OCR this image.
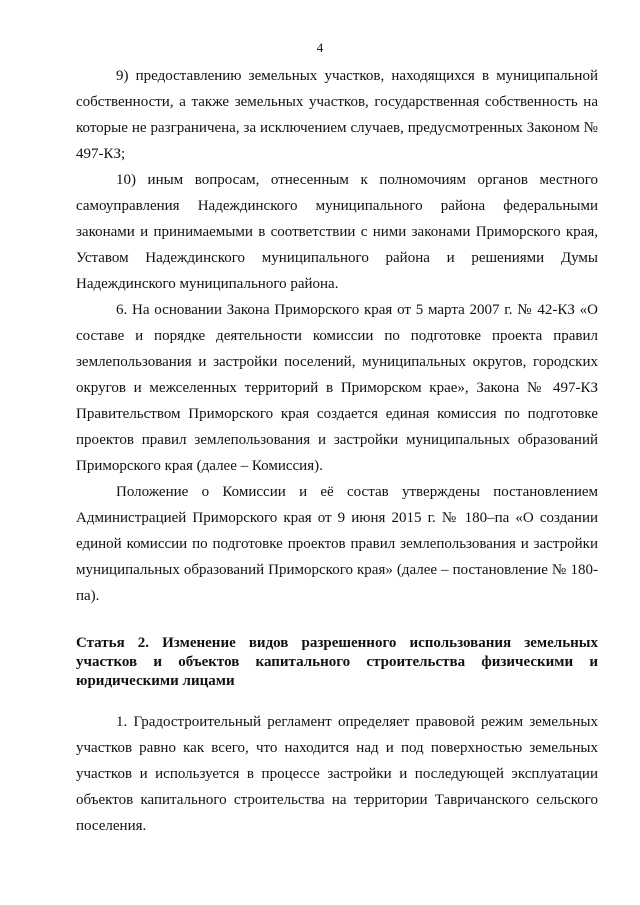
4

9) предоставлению земельных участков, находящихся в муниципальной собственности, а также земельных участков, государственная собственность на которые не разграничена, за исключением случаев, предусмотренных Законом № 497-КЗ;

10) иным вопросам, отнесенным к полномочиям органов местного самоуправления Надеждинского муниципального района федеральными законами и принимаемыми в соответствии с ними законами Приморского края, Уставом Надеждинского муниципального района и решениями Думы Надеждинского муниципального района.

6. На основании Закона Приморского края от 5 марта 2007 г. № 42-КЗ «О составе и порядке деятельности комиссии по подготовке проекта правил землепользования и застройки поселений, муниципальных округов, городских округов и межселенных территорий в Приморском крае», Закона № 497-КЗ Правительством Приморского края создается единая комиссия по подготовке проектов правил землепользования и застройки муниципальных образований Приморского края (далее – Комиссия).

Положение о Комиссии и её состав утверждены постановлением Администрацией Приморского края от 9 июня 2015 г. № 180–па «О создании единой комиссии по подготовке проектов правил землепользования и застройки муниципальных образований Приморского края» (далее – постановление № 180-па).

Статья 2. Изменение видов разрешенного использования земельных участков и объектов капитального строительства физическими и юридическими лицами

1. Градостроительный регламент определяет правовой режим земельных участков равно как всего, что находится над и под поверхностью земельных участков и используется в процессе застройки и последующей эксплуатации объектов капитального строительства на территории Тавричанского сельского поселения.
